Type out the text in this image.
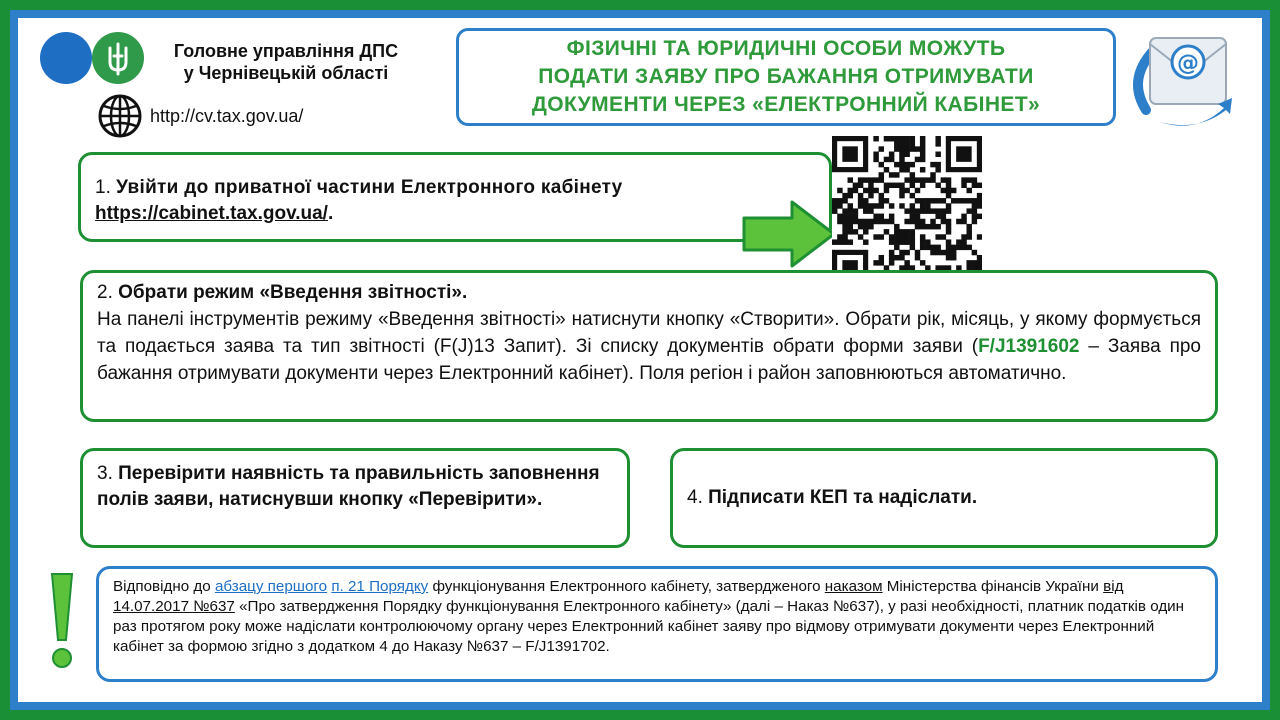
Головне управління ДПС
у Чернівецькій області
http://cv.tax.gov.ua/
ФІЗИЧНІ ТА ЮРИДИЧНІ ОСОБИ МОЖУТЬ
ПОДАТИ ЗАЯВУ ПРО БАЖАННЯ ОТРИМУВАТИ
ДОКУМЕНТИ ЧЕРЕЗ «ЕЛЕКТРОННИЙ КАБІНЕТ»
@
1. Увійти до приватної частини Електронного кабінету
https://cabinet.tax.gov.ua/.
2. Обрати режим «Введення звітності».
На панелі інструментів режиму «Введення звітності» натиснути кнопку «Створити». Обрати рік, місяць, у якому формується та подається заява та тип звітності (F(J)13 Запит). Зі списку документів обрати форми заяви (F/J1391602 – Заява про бажання отримувати документи через Електронний кабінет). Поля регіон і район заповнюються автоматично.
3. Перевірити наявність та правильність заповнення полів заяви, натиснувши кнопку «Перевірити».	4. Підписати КЕП та надіслати.
Відповідно до абзацу першого п. 21 Порядку функціонування Електронного кабінету, затвердженого наказом Міністерства фінансів України від 14.07.2017 №637 «Про затвердження Порядку функціонування Електронного кабінету» (далі – Наказ №637), у разі необхідності, платник податків один раз протягом року може надіслати контролюючому органу через Електронний кабінет заяву про відмову отримувати документи через Електронний кабінет за формою згідно з додатком 4 до Наказу №637 – F/J1391702.
